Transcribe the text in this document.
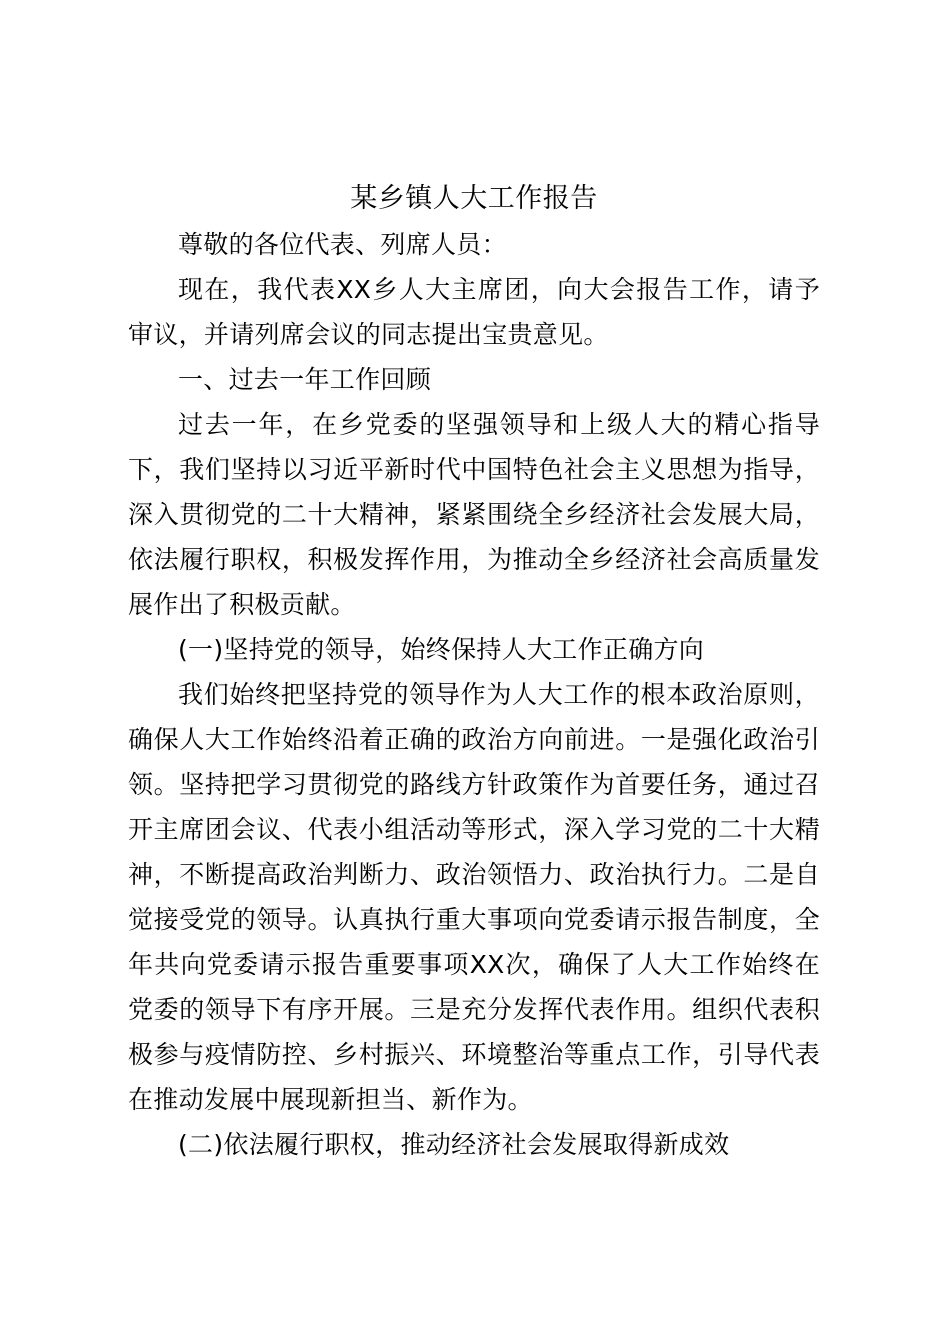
某乡镇人大工作报告

尊敬的各位代表、列席人员：

现在，我代表XX乡人大主席团，向大会报告工作，请予审议，并请列席会议的同志提出宝贵意见。

一、过去一年工作回顾

过去一年，在乡党委的坚强领导和上级人大的精心指导下，我们坚持以习近平新时代中国特色社会主义思想为指导，深入贯彻党的二十大精神，紧紧围绕全乡经济社会发展大局，依法履行职权，积极发挥作用，为推动全乡经济社会高质量发展作出了积极贡献。

(一)坚持党的领导，始终保持人大工作正确方向

我们始终把坚持党的领导作为人大工作的根本政治原则，确保人大工作始终沿着正确的政治方向前进。一是强化政治引领。坚持把学习贯彻党的路线方针政策作为首要任务，通过召开主席团会议、代表小组活动等形式，深入学习党的二十大精神，不断提高政治判断力、政治领悟力、政治执行力。二是自觉接受党的领导。认真执行重大事项向党委请示报告制度，全年共向党委请示报告重要事项XX次，确保了人大工作始终在党委的领导下有序开展。三是充分发挥代表作用。组织代表积极参与疫情防控、乡村振兴、环境整治等重点工作，引导代表在推动发展中展现新担当、新作为。

(二)依法履行职权，推动经济社会发展取得新成效
